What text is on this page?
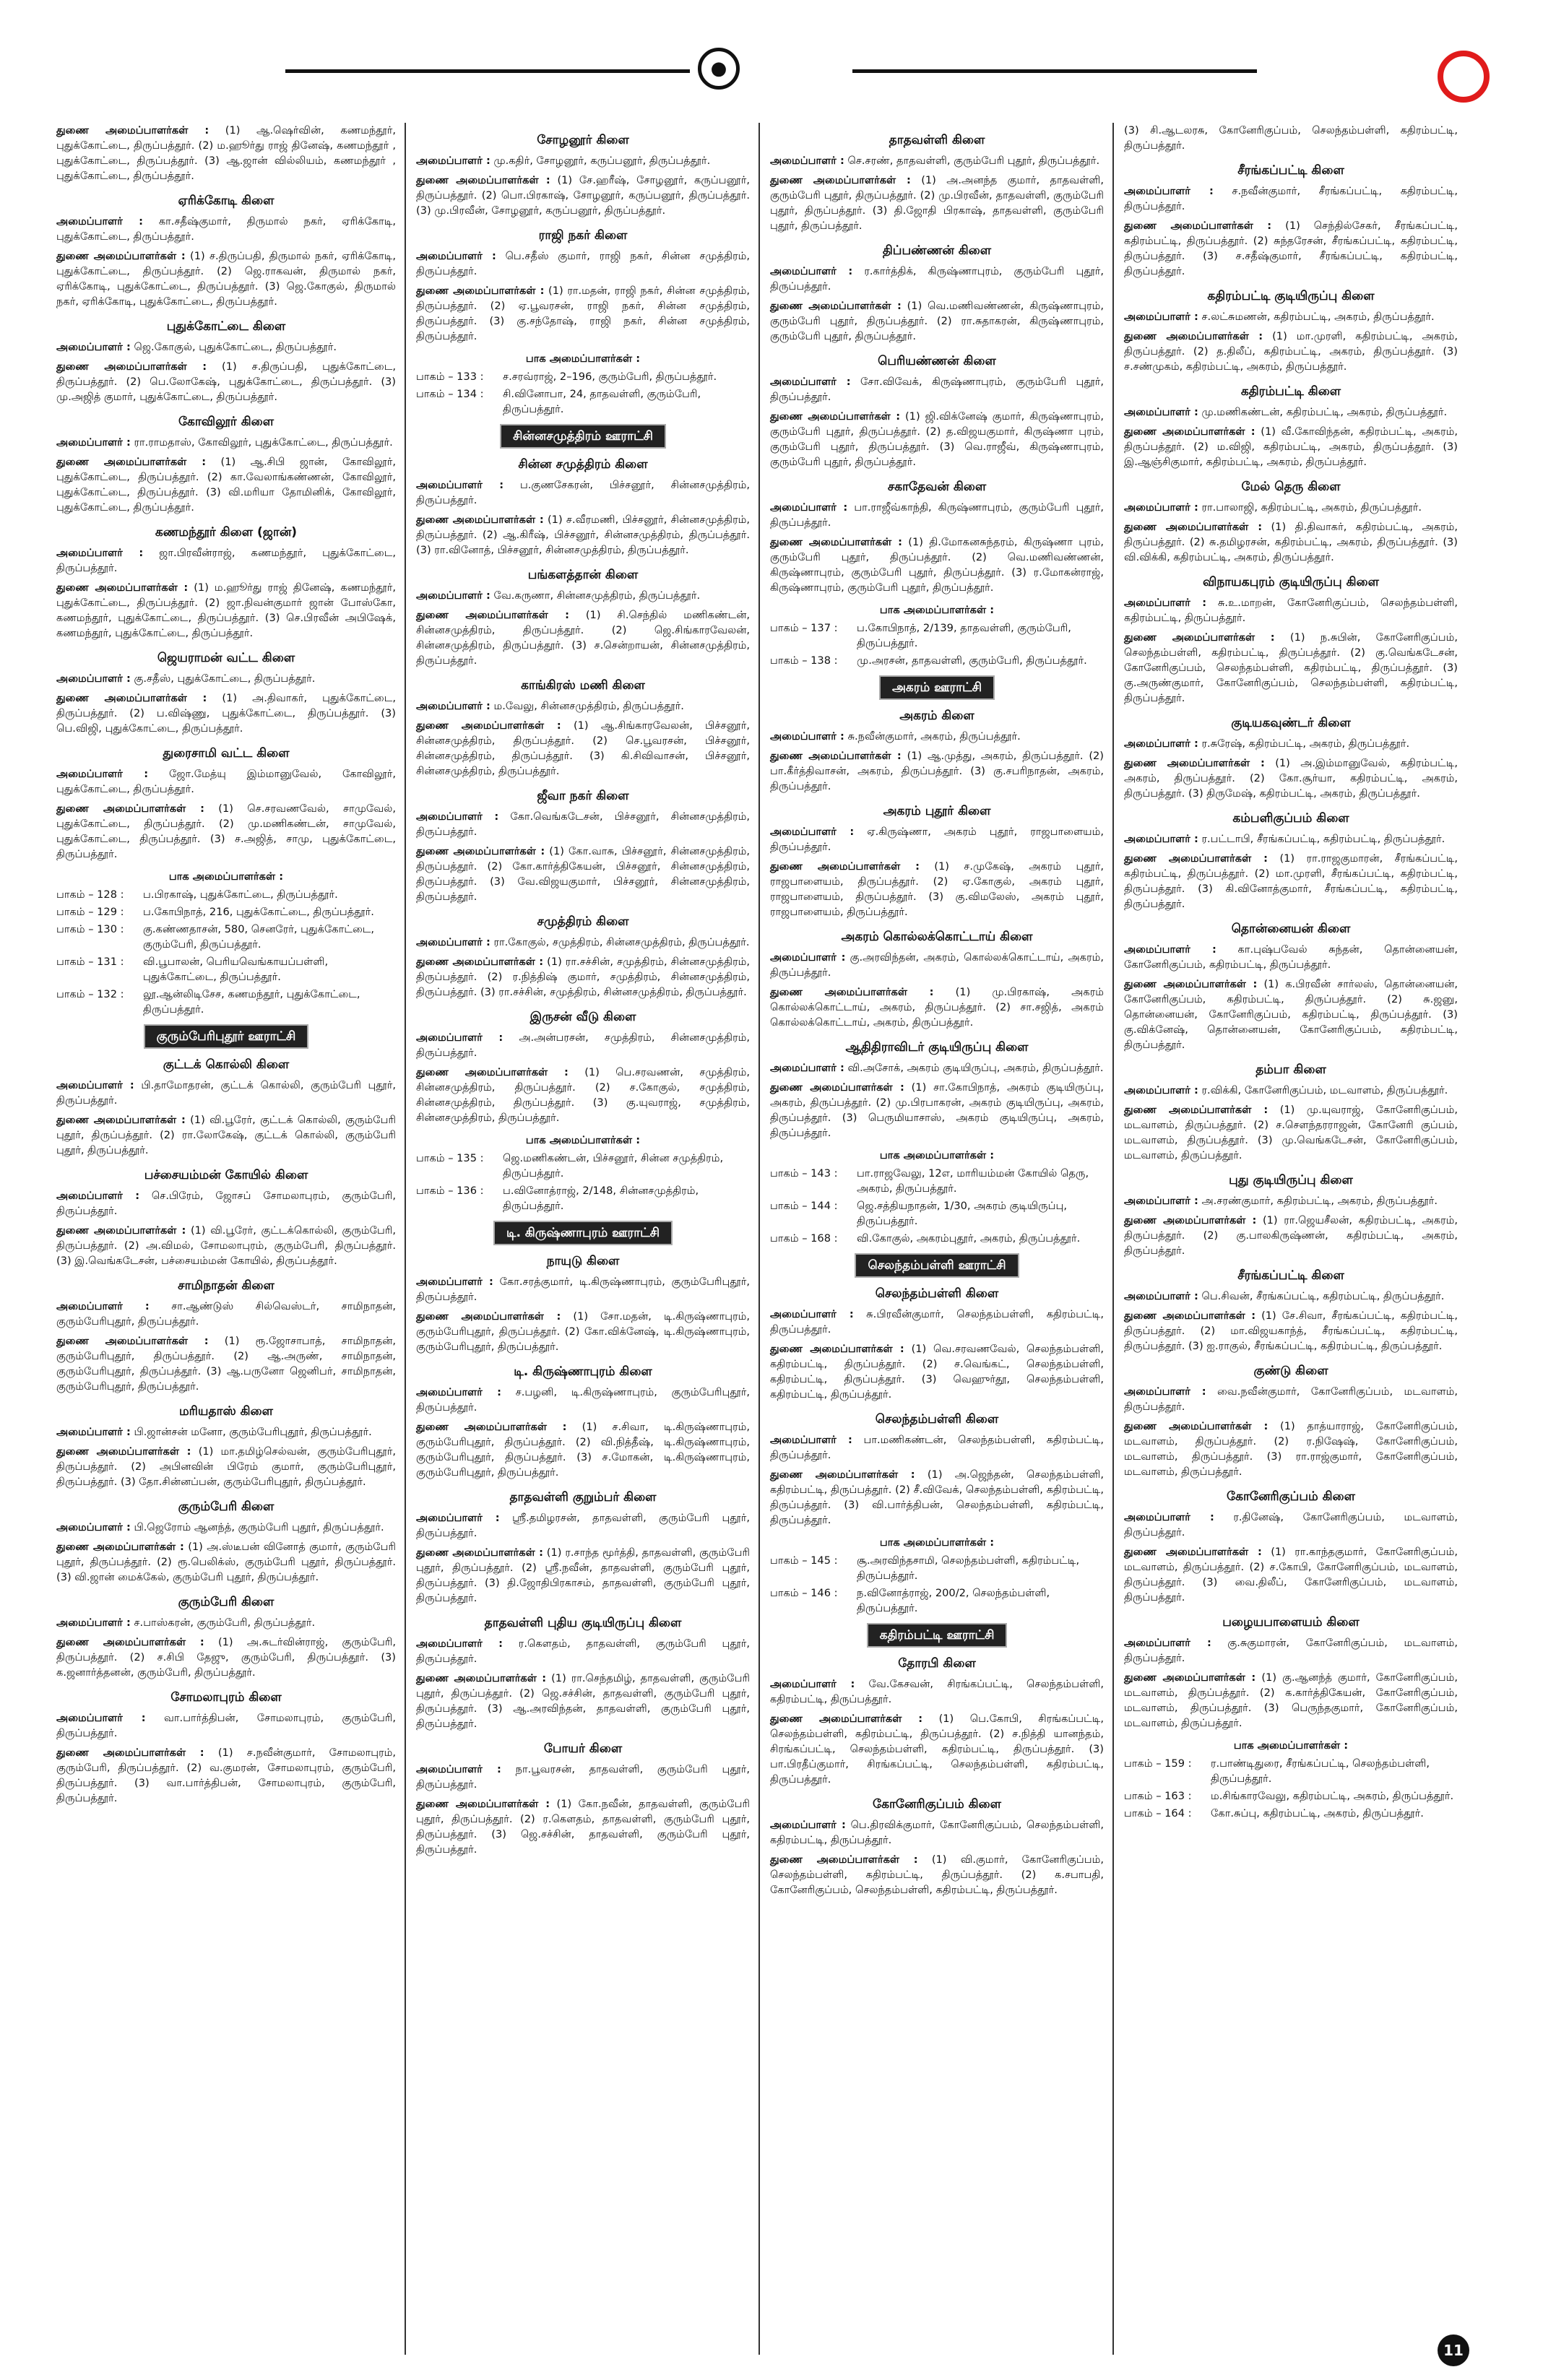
●

துணை அமைப்பாளர்கள் : (1) ஆ.ஷெர்வின், கணமந்தூர், புதுக்கோட்டை, திருப்பத்தூர். (2) ம.ஹூர்து ராஜ் தினேஷ், கணமந்தூர் , புதுக்கோட்டை, திருப்பத்தூர். (3) ஆ.ஜான் வில்லியம், கணமந்தூர் , புதுக்கோட்டை, திருப்பத்தூர்.

ஏரிக்கோடி கிளை

அமைப்பாளர் : கா.சதீஷ்குமார், திருமால் நகர், ஏரிக்கோடி, புதுக்கோட்டை, திருப்பத்தூர்.

துணை அமைப்பாளர்கள் : (1) ச.திருப்பதி, திருமால் நகர், ஏரிக்கோடி, புதுக்கோட்டை, திருப்பத்தூர். (2) ஜெ.ராகவன், திருமால் நகர், ஏரிக்கோடி, புதுக்கோட்டை, திருப்பத்தூர். (3) ஜெ.கோகுல், திருமால் நகர், ஏரிக்கோடி, புதுக்கோட்டை, திருப்பத்தூர்.

புதுக்கோட்டை கிளை

அமைப்பாளர் : ஜெ.கோகுல், புதுக்கோட்டை, திருப்பத்தூர்.

துணை அமைப்பாளர்கள் : (1) ச.திருப்பதி, புதுக்கோட்டை, திருப்பத்தூர். (2) பெ.லோகேஷ், புதுக்கோட்டை, திருப்பத்தூர். (3) மு.அஜித் குமார், புதுக்கோட்டை, திருப்பத்தூர்.

கோவிலூர் கிளை

அமைப்பாளர் : ரா.ராமதாஸ், கோவிலூர், புதுக்கோட்டை, திருப்பத்தூர்.

துணை அமைப்பாளர்கள் : (1) ஆ.சிபி ஜான், கோவிலூர், புதுக்கோட்டை, திருப்பத்தூர். (2) கா.வேலாங்கண்ணன், கோவிலூர், புதுக்கோட்டை, திருப்பத்தூர். (3) வி.மரியா தோமினிக், கோவிலூர், புதுக்கோட்டை, திருப்பத்தூர்.

கணமந்தூர் கிளை (ஜான்)

அமைப்பாளர் : ஜா.பிரவீன்ராஜ், கணமந்தூர், புதுக்கோட்டை, திருப்பத்தூர்.

துணை அமைப்பாளர்கள் : (1) ம.ஹூர்து ராஜ் தினேஷ், கணமந்தூர், புதுக்கோட்டை, திருப்பத்தூர். (2) ஜா.நிவன்குமார் ஜான் போஸ்கோ, கணமந்தூர், புதுக்கோட்டை, திருப்பத்தூர். (3) செ.பிரவீன் அபிஷேக், கணமந்தூர், புதுக்கோட்டை, திருப்பத்தூர்.

ஜெயராமன் வட்ட கிளை

அமைப்பாளர் : கு.சதீஸ், புதுக்கோட்டை, திருப்பத்தூர்.

துணை அமைப்பாளர்கள் : (1) அ.திவாகர், புதுக்கோட்டை, திருப்பத்தூர். (2) ப.விஷ்ணு, புதுக்கோட்டை, திருப்பத்தூர். (3) பெ.விஜி, புதுக்கோட்டை, திருப்பத்தூர்.

துரைசாமி வட்ட கிளை

அமைப்பாளர் : ஜோ.மேத்யு இம்மானுவேல், கோவிலூர், புதுக்கோட்டை, திருப்பத்தூர்.

துணை அமைப்பாளர்கள் : (1) செ.சரவணவேல், சாமுவேல், புதுக்கோட்டை, திருப்பத்தூர். (2) மு.மணிகண்டன், சாமுவேல், புதுக்கோட்டை, திருப்பத்தூர். (3) ச.அஜித், சாமு, புதுக்கோட்டை, திருப்பத்தூர்.

பாக அமைப்பாளர்கள் :
பாகம் – 128 :	ப.பிரகாஷ், புதுக்கோட்டை, திருப்பத்தூர்.
பாகம் – 129 :	ப.கோபிநாத், 216, புதுக்கோட்டை, திருப்பத்தூர்.
பாகம் – 130 :	கு.கண்ணதாசன், 580, செனரேர், புதுக்கோட்டை, குரும்பேரி, திருப்பத்தூர்.
பாகம் – 131 :	வி.பூபாலன், பெரியவெங்காயப்பள்ளி, புதுக்கோட்டை, திருப்பத்தூர்.
பாகம் – 132 :	லூ.ஆன்லிடிசேச, கணமந்தூர், புதுக்கோட்டை, திருப்பத்தூர்.
குரும்பேரிபுதூர் ஊராட்சி
குட்டக் கொல்லி கிளை

அமைப்பாளர் : பி.தாமோதரன், குட்டக் கொல்லி, குரும்பேரி புதூர், திருப்பத்தூர்.

துணை அமைப்பாளர்கள் : (1) வி.பூரேர், குட்டக் கொல்லி, குரும்பேரி புதூர், திருப்பத்தூர். (2) ரா.லோகேஷ், குட்டக் கொல்லி, குரும்பேரி புதூர், திருப்பத்தூர்.

பச்சையம்மன் கோயில் கிளை

அமைப்பாளர் : செ.பிரேம், ஜோசப் சோமலாபுரம், குரும்பேரி, திருப்பத்தூர்.

துணை அமைப்பாளர்கள் : (1) வி.பூரேர், குட்டக்கொல்லி, குரும்பேரி, திருப்பத்தூர். (2) அ.விமல், சோமலாபுரம், குரும்பேரி, திருப்பத்தூர். (3) இ.வெங்கடேசன், பச்சையம்மன் கோயில், திருப்பத்தூர்.

சாமிநாதன் கிளை

அமைப்பாளர் : சா.ஆண்டுஸ் சில்வெஸ்டர், சாமிநாதன், குரும்பேரிபுதூர், திருப்பத்தூர்.

துணை அமைப்பாளர்கள் : (1) ரூ.ஜோசாபாத், சாமிநாதன், குரும்பேரிபுதூர், திருப்பத்தூர். (2) ஆ.அருண், சாமிநாதன், குரும்பேரிபுதூர், திருப்பத்தூர். (3) ஆ.பருனோ ஜெனிபர், சாமிநாதன், குரும்பேரிபுதூர், திருப்பத்தூர்.

மரியதாஸ் கிளை

அமைப்பாளர் : பி.ஜான்சன் மனோ, குரும்பேரிபுதூர், திருப்பத்தூர்.

துணை அமைப்பாளர்கள் : (1) மா.தமிழ்செல்வன், குரும்பேரிபுதூர், திருப்பத்தூர். (2) அபினவின் பிரேம் குமார், குரும்பேரிபுதூர், திருப்பத்தூர். (3) தோ.சின்னப்பன், குரும்பேரிபுதூர், திருப்பத்தூர்.

குரும்பேரி கிளை

அமைப்பாளர் : பி.ஜெரோம் ஆனந்த், குரும்பேரி புதூர், திருப்பத்தூர்.

துணை அமைப்பாளர்கள் : (1) அ.ஸ்டீபன் வினோத் குமார், குரும்பேரி புதூர், திருப்பத்தூர். (2) ரூ.பெலிக்ஸ், குரும்பேரி புதூர், திருப்பத்தூர். (3) வி.ஜான் மைக்கேல், குரும்பேரி புதூர், திருப்பத்தூர்.

குரும்பேரி கிளை

அமைப்பாளர் : ச.பாஸ்கரன், குரும்பேரி, திருப்பத்தூர்.

துணை அமைப்பாளர்கள் : (1) அ.சுடர்வின்ராஜ், குரும்பேரி, திருப்பத்தூர். (2) ச.சிபி தேஜு, குரும்பேரி, திருப்பத்தூர். (3) க.ஜனார்த்தனன், குரும்பேரி, திருப்பத்தூர்.

சோமலாபுரம் கிளை

அமைப்பாளர் : வா.பார்த்திபன், சோமலாபுரம், குரும்பேரி, திருப்பத்தூர்.

துணை அமைப்பாளர்கள் : (1) ச.நவீன்குமார், சோமலாபுரம், குரும்பேரி, திருப்பத்தூர். (2) வ.குமரன், சோமலாபுரம், குரும்பேரி, திருப்பத்தூர். (3) வா.பார்த்திபன், சோமலாபுரம், குரும்பேரி, திருப்பத்தூர்.

சோழனூர் கிளை

அமைப்பாளர் : மு.கதிர், சோழனூர், கருப்பனூர், திருப்பத்தூர்.

துணை அமைப்பாளர்கள் : (1) சே.ஹரீஷ், சோழனூர், கருப்பனூர், திருப்பத்தூர். (2) பொ.பிரகாஷ், சோழனூர், கருப்பனூர், திருப்பத்தூர். (3) மு.பிரவீன், சோழனூர், கருப்பனூர், திருப்பத்தூர்.

ராஜி நகர் கிளை

அமைப்பாளர் : பெ.சதீஸ் குமார், ராஜி நகர், சின்ன சமுத்திரம், திருப்பத்தூர்.

துணை அமைப்பாளர்கள் : (1) ரா.மதன், ராஜி நகர், சின்ன சமுத்திரம், திருப்பத்தூர். (2) ஏ.பூவரசன், ராஜி நகர், சின்ன சமுத்திரம், திருப்பத்தூர். (3) கு.சந்தோஷ், ராஜி நகர், சின்ன சமுத்திரம், திருப்பத்தூர்.

பாக அமைப்பாளர்கள் :
பாகம் – 133 :	ச.சரவ்ராஜ், 2–196, குரும்பேரி, திருப்பத்தூர்.
பாகம் – 134 :	சி.வினோபா, 24, தாதவள்ளி, குரும்பேரி, திருப்பத்தூர்.
சின்னசமுத்திரம் ஊராட்சி
சின்ன சமுத்திரம் கிளை

அமைப்பாளர் : ப.குணசேகரன், பிச்சனூர், சின்னசமுத்திரம், திருப்பத்தூர்.

துணை அமைப்பாளர்கள் : (1) ச.வீரமணி, பிச்சனூர், சின்னசமுத்திரம், திருப்பத்தூர். (2) ஆ.கிரீஷ், பிச்சனூர், சின்னசமுத்திரம், திருப்பத்தூர். (3) ரா.வினோத், பிச்சனூர், சின்னசமுத்திரம், திருப்பத்தூர்.

பங்களத்தான் கிளை

அமைப்பாளர் : வே.கருணா, சின்னசமுத்திரம், திருப்பத்தூர்.

துணை அமைப்பாளர்கள் : (1) சி.செந்தில் மணிகண்டன், சின்னசமுத்திரம், திருப்பத்தூர். (2) ஜெ.சிங்காரவேலன், சின்னசமுத்திரம், திருப்பத்தூர். (3) ச.சென்றாயன், சின்னசமுத்திரம், திருப்பத்தூர்.

காங்கிரஸ் மணி கிளை

அமைப்பாளர் : ம.வேலு, சின்னசமுத்திரம், திருப்பத்தூர்.

துணை அமைப்பாளர்கள் : (1) ஆ.சிங்காரவேலன், பிச்சனூர், சின்னசமுத்திரம், திருப்பத்தூர். (2) செ.பூவரசன், பிச்சனூர், சின்னசமுத்திரம், திருப்பத்தூர். (3) கி.சிவிவாசன், பிச்சனூர், சின்னசமுத்திரம், திருப்பத்தூர்.

ஜீவா நகர் கிளை

அமைப்பாளர் : கோ.வெங்கடேசன், பிச்சனூர், சின்னசமுத்திரம், திருப்பத்தூர்.

துணை அமைப்பாளர்கள் : (1) கோ.வாசு, பிச்சனூர், சின்னசமுத்திரம், திருப்பத்தூர். (2) கோ.கார்த்திகேயன், பிச்சனூர், சின்னசமுத்திரம், திருப்பத்தூர். (3) வே.விஜயகுமார், பிச்சனூர், சின்னசமுத்திரம், திருப்பத்தூர்.

சமுத்திரம் கிளை

அமைப்பாளர் : ரா.கோகுல், சமுத்திரம், சின்னசமுத்திரம், திருப்பத்தூர்.

துணை அமைப்பாளர்கள் : (1) ரா.சச்சின், சமுத்திரம், சின்னசமுத்திரம், திருப்பத்தூர். (2) ர.நித்திஷ் குமார், சமுத்திரம், சின்னசமுத்திரம், திருப்பத்தூர். (3) ரா.சச்சின், சமுத்திரம், சின்னசமுத்திரம், திருப்பத்தூர்.

இருசன் வீடு கிளை

அமைப்பாளர் : அ.அன்பரசன், சமுத்திரம், சின்னசமுத்திரம், திருப்பத்தூர்.

துணை அமைப்பாளர்கள் : (1) பெ.சரவணன், சமுத்திரம், சின்னசமுத்திரம், திருப்பத்தூர். (2) ச.கோகுல், சமுத்திரம், சின்னசமுத்திரம், திருப்பத்தூர். (3) கு.யுவராஜ், சமுத்திரம், சின்னசமுத்திரம், திருப்பத்தூர்.

பாக அமைப்பாளர்கள் :
பாகம் – 135 :	ஜெ.மணிகண்டன், பிச்சனூர், சின்ன சமுத்திரம், திருப்பத்தூர்.
பாகம் – 136 :	ப.வினோத்ராஜ், 2/148, சின்னசமுத்திரம், திருப்பத்தூர்.
டி. கிருஷ்ணாபுரம் ஊராட்சி
நாயுடு கிளை

அமைப்பாளர் : கோ.சரத்குமார், டி.கிருஷ்ணாபுரம், குரும்பேரிபுதூர், திருப்பத்தூர்.

துணை அமைப்பாளர்கள் : (1) சோ.மதன், டி.கிருஷ்ணாபுரம், குரும்பேரிபுதூர், திருப்பத்தூர். (2) கோ.விக்னேஷ், டி.கிருஷ்ணாபுரம், குரும்பேரிபுதூர், திருப்பத்தூர்.

டி. கிருஷ்ணாபுரம் கிளை

அமைப்பாளர் : ச.பழனி, டி.கிருஷ்ணாபுரம், குரும்பேரிபுதூர், திருப்பத்தூர்.

துணை அமைப்பாளர்கள் : (1) ச.சிவா, டி.கிருஷ்ணாபுரம், குரும்பேரிபுதூர், திருப்பத்தூர். (2) வி.நித்தீஷ், டி.கிருஷ்ணாபுரம், குரும்பேரிபுதூர், திருப்பத்தூர். (3) ச.மோகன், டி.கிருஷ்ணாபுரம், குரும்பேரிபுதூர், திருப்பத்தூர்.

தாதவள்ளி குறும்பர் கிளை

அமைப்பாளர் : ஸ்ரீ.தமிழரசன், தாதவள்ளி, குரும்பேரி புதூர், திருப்பத்தூர்.

துணை அமைப்பாளர்கள் : (1) ர.சாந்த மூர்த்தி, தாதவள்ளி, குரும்பேரி புதூர், திருப்பத்தூர். (2) ஸ்ரீ.நவீன், தாதவள்ளி, குரும்பேரி புதூர், திருப்பத்தூர். (3) தி.ஜோதிபிரகாசம், தாதவள்ளி, குரும்பேரி புதூர், திருப்பத்தூர்.

தாதவள்ளி புதிய குடியிருப்பு கிளை

அமைப்பாளர் : ர.கௌதம், தாதவள்ளி, குரும்பேரி புதூர், திருப்பத்தூர்.

துணை அமைப்பாளர்கள் : (1) ரா.செந்தமிழ், தாதவள்ளி, குரும்பேரி புதூர், திருப்பத்தூர். (2) ஜெ.சச்சின், தாதவள்ளி, குரும்பேரி புதூர், திருப்பத்தூர். (3) ஆ.அரவிந்தன், தாதவள்ளி, குரும்பேரி புதூர், திருப்பத்தூர்.

போயர் கிளை

அமைப்பாளர் : நா.பூவரசன், தாதவள்ளி, குரும்பேரி புதூர், திருப்பத்தூர்.

துணை அமைப்பாளர்கள் : (1) கோ.நவீன், தாதவள்ளி, குரும்பேரி புதூர், திருப்பத்தூர். (2) ர.கௌதம், தாதவள்ளி, குரும்பேரி புதூர், திருப்பத்தூர். (3) ஜெ.சச்சின், தாதவள்ளி, குரும்பேரி புதூர், திருப்பத்தூர்.

தாதவள்ளி கிளை

அமைப்பாளர் : செ.சரண், தாதவள்ளி, குரும்பேரி புதூர், திருப்பத்தூர்.

துணை அமைப்பாளர்கள் : (1) அ.அனந்த குமார், தாதவள்ளி, குரும்பேரி புதூர், திருப்பத்தூர். (2) மு.பிரவீன், தாதவள்ளி, குரும்பேரி புதூர், திருப்பத்தூர். (3) தி.ஜோதி பிரகாஷ், தாதவள்ளி, குரும்பேரி புதூர், திருப்பத்தூர்.

திப்பண்ணன் கிளை

அமைப்பாளர் : ர.கார்த்திக், கிருஷ்ணாபுரம், குரும்பேரி புதூர், திருப்பத்தூர்.

துணை அமைப்பாளர்கள் : (1) வெ.மணிவண்ணன், கிருஷ்ணாபுரம், குரும்பேரி புதூர், திருப்பத்தூர். (2) ரா.சுதாகரன், கிருஷ்ணாபுரம், குரும்பேரி புதூர், திருப்பத்தூர்.

பெரியண்ணன் கிளை

அமைப்பாளர் : சோ.விவேக், கிருஷ்ணாபுரம், குரும்பேரி புதூர், திருப்பத்தூர்.

துணை அமைப்பாளர்கள் : (1) ஜி.விக்னேஷ் குமார், கிருஷ்ணாபுரம், குரும்பேரி புதூர், திருப்பத்தூர். (2) த.விஜயகுமார், கிருஷ்ணா புரம், குரும்பேரி புதூர், திருப்பத்தூர். (3) வெ.ராஜீவ், கிருஷ்ணாபுரம், குரும்பேரி புதூர், திருப்பத்தூர்.

சகாதேவன் கிளை

அமைப்பாளர் : பா.ராஜீவ்காந்தி, கிருஷ்ணாபுரம், குரும்பேரி புதூர், திருப்பத்தூர்.

துணை அமைப்பாளர்கள் : (1) தி.மோகனசுந்தரம், கிருஷ்ணா புரம், குரும்பேரி புதூர், திருப்பத்தூர். (2) வெ.மணிவண்ணன், கிருஷ்ணாபுரம், குரும்பேரி புதூர், திருப்பத்தூர். (3) ர.மோகன்ராஜ், கிருஷ்ணாபுரம், குரும்பேரி புதூர், திருப்பத்தூர்.

பாக அமைப்பாளர்கள் :
பாகம் – 137 :	ப.கோபிநாத், 2/139, தாதவள்ளி, குரும்பேரி, திருப்பத்தூர்.
பாகம் – 138 :	மு.அரசன், தாதவள்ளி, குரும்பேரி, திருப்பத்தூர்.
அகரம் ஊராட்சி
அகரம் கிளை

அமைப்பாளர் : சு.நவீன்குமார், அகரம், திருப்பத்தூர்.

துணை அமைப்பாளர்கள் : (1) ஆ.முத்து, அகரம், திருப்பத்தூர். (2) பா.கீர்த்திவாசன், அகரம், திருப்பத்தூர். (3) கு.சபரிநாதன், அகரம், திருப்பத்தூர்.

அகரம் புதூர் கிளை

அமைப்பாளர் : ஏ.கிருஷ்ணா, அகரம் புதூர், ராஜபாளையம், திருப்பத்தூர்.

துணை அமைப்பாளர்கள் : (1) ச.முகேஷ், அகரம் புதூர், ராஜபாளையம், திருப்பத்தூர். (2) ஏ.கோகுல், அகரம் புதூர், ராஜபாளையம், திருப்பத்தூர். (3) கு.விமலேஸ், அகரம் புதூர், ராஜபாளையம், திருப்பத்தூர்.

அகரம் கொல்லக்கொட்டாய் கிளை

அமைப்பாளர் : கு.அரவிந்தன், அகரம், கொல்லக்கொட்டாய், அகரம், திருப்பத்தூர்.

துணை அமைப்பாளர்கள் : (1) மு.பிரகாஷ், அகரம் கொல்லக்கொட்டாய், அகரம், திருப்பத்தூர். (2) சா.சஜித், அகரம் கொல்லக்கொட்டாய், அகரம், திருப்பத்தூர்.

ஆதிதிராவிடர் குடியிருப்பு கிளை

அமைப்பாளர் : வி.அசோக், அகரம் குடியிருப்பு, அகரம், திருப்பத்தூர்.

துணை அமைப்பாளர்கள் : (1) சா.கோபிநாத், அகரம் குடியிருப்பு, அகரம், திருப்பத்தூர். (2) மு.பிரபாகரன், அகரம் குடியிருப்பு, அகரம், திருப்பத்தூர். (3) பெருமியாசாஸ், அகரம் குடியிருப்பு, அகரம், திருப்பத்தூர்.

பாக அமைப்பாளர்கள் :
பாகம் – 143 :	பா.ராஜவேலு, 12எ, மாரியம்மன் கோயில் தெரு, அகரம், திருப்பத்தூர்.
பாகம் – 144 :	ஜெ.சத்தியநாதன், 1/30, அகரம் குடியிருப்பு, திருப்பத்தூர்.
பாகம் – 168 :	வி.கோகுல், அகரம்புதூர், அகரம், திருப்பத்தூர்.
செலந்தம்பள்ளி ஊராட்சி
செலந்தம்பள்ளி கிளை

அமைப்பாளர் : சு.பிரவீன்குமார், செலந்தம்பள்ளி, கதிரம்பட்டி, திருப்பத்தூர்.

துணை அமைப்பாளர்கள் : (1) வெ.சரவணவேல், செலந்தம்பள்ளி, கதிரம்பட்டி, திருப்பத்தூர். (2) ச.வெங்கட், செலந்தம்பள்ளி, கதிரம்பட்டி, திருப்பத்தூர். (3) வெஹுர்தூ, செலந்தம்பள்ளி, கதிரம்பட்டி, திருப்பத்தூர்.

செலந்தம்பள்ளி கிளை

அமைப்பாளர் : பா.மணிகண்டன், செலந்தம்பள்ளி, கதிரம்பட்டி, திருப்பத்தூர்.

துணை அமைப்பாளர்கள் : (1) அ.ஜெந்தன், செலந்தம்பள்ளி, கதிரம்பட்டி, திருப்பத்தூர். (2) சீ.விவேக், செலந்தம்பள்ளி, கதிரம்பட்டி, திருப்பத்தூர். (3) வி.பார்த்திபன், செலந்தம்பள்ளி, கதிரம்பட்டி, திருப்பத்தூர்.

பாக அமைப்பாளர்கள் :
பாகம் – 145 :	சூ.அரவிந்தசாமி, செலந்தம்பள்ளி, கதிரம்பட்டி, திருப்பத்தூர்.
பாகம் – 146 :	ந.வினோத்ராஜ், 200/2, செலந்தம்பள்ளி, திருப்பத்தூர்.
கதிரம்பட்டி ஊராட்சி
தோரபி கிளை

அமைப்பாளர் : வே.கேசவன், சிரங்கப்பட்டி, செலந்தம்பள்ளி, கதிரம்பட்டி, திருப்பத்தூர்.

துணை அமைப்பாளர்கள் : (1) பெ.கோபி, சிரங்கப்பட்டி, செலந்தம்பள்ளி, கதிரம்பட்டி, திருப்பத்தூர். (2) ச.நித்தி யானந்தம், சிரங்கப்பட்டி, செலந்தம்பள்ளி, கதிரம்பட்டி, திருப்பத்தூர். (3) பா.பிரதீப்குமார், சிரங்கப்பட்டி, செலந்தம்பள்ளி, கதிரம்பட்டி, திருப்பத்தூர்.

கோனேரிகுப்பம் கிளை

அமைப்பாளர் : பெ.திரவிக்குமார், கோனேரிகுப்பம், செலந்தம்பள்ளி, கதிரம்பட்டி, திருப்பத்தூர்.

துணை அமைப்பாளர்கள் : (1) வி.குமார், கோனேரிகுப்பம், செலந்தம்பள்ளி, கதிரம்பட்டி, திருப்பத்தூர். (2) க.சபாபதி, கோனேரிகுப்பம், செலந்தம்பள்ளி, கதிரம்பட்டி, திருப்பத்தூர்.

(3) சி.ஆடலரசு, கோனேரிகுப்பம், செலந்தம்பள்ளி, கதிரம்பட்டி, திருப்பத்தூர்.

சீரங்கப்பட்டி கிளை

அமைப்பாளர் : ச.நவீன்குமார், சீரங்கப்பட்டி, கதிரம்பட்டி, திருப்பத்தூர்.

துணை அமைப்பாளர்கள் : (1) செந்தில்சேகர், சீரங்கப்பட்டி, கதிரம்பட்டி, திருப்பத்தூர். (2) சுந்தரேசன், சீரங்கப்பட்டி, கதிரம்பட்டி, திருப்பத்தூர். (3) ச.சதீஷ்குமார், சீரங்கப்பட்டி, கதிரம்பட்டி, திருப்பத்தூர்.

கதிரம்பட்டி குடியிருப்பு கிளை

அமைப்பாளர் : ச.லட்சுமணன், கதிரம்பட்டி, அகரம், திருப்பத்தூர்.

துணை அமைப்பாளர்கள் : (1) மா.முரளி, கதிரம்பட்டி, அகரம், திருப்பத்தூர். (2) த.திலீப், கதிரம்பட்டி, அகரம், திருப்பத்தூர். (3) ச.சண்முகம், கதிரம்பட்டி, அகரம், திருப்பத்தூர்.

கதிரம்பட்டி கிளை

அமைப்பாளர் : மு.மணிகண்டன், கதிரம்பட்டி, அகரம், திருப்பத்தூர்.

துணை அமைப்பாளர்கள் : (1) வீ.கோவிந்தன், கதிரம்பட்டி, அகரம், திருப்பத்தூர். (2) ம.விஜி, கதிரம்பட்டி, அகரம், திருப்பத்தூர். (3) இ.ஆஞ்சிகுமார், கதிரம்பட்டி, அகரம், திருப்பத்தூர்.

மேல் தெரு கிளை

அமைப்பாளர் : ரா.பாலாஜி, கதிரம்பட்டி, அகரம், திருப்பத்தூர்.

துணை அமைப்பாளர்கள் : (1) தி.திவாகர், கதிரம்பட்டி, அகரம், திருப்பத்தூர். (2) சு.தமிழரசன், கதிரம்பட்டி, அகரம், திருப்பத்தூர். (3) வி.விக்கி, கதிரம்பட்டி, அகரம், திருப்பத்தூர்.

விநாயகபுரம் குடியிருப்பு கிளை

அமைப்பாளர் : சு.உ.மாறன், கோனேரிகுப்பம், செலந்தம்பள்ளி, கதிரம்பட்டி, திருப்பத்தூர்.

துணை அமைப்பாளர்கள் : (1) ந.சுபின், கோனேரிகுப்பம், செலந்தம்பள்ளி, கதிரம்பட்டி, திருப்பத்தூர். (2) கு.வெங்கடேசன், கோனேரிகுப்பம், செலந்தம்பள்ளி, கதிரம்பட்டி, திருப்பத்தூர். (3) கு.அருண்குமார், கோனேரிகுப்பம், செலந்தம்பள்ளி, கதிரம்பட்டி, திருப்பத்தூர்.

குடியகவுண்டர் கிளை

அமைப்பாளர் : ர.சுரேஷ், கதிரம்பட்டி, அகரம், திருப்பத்தூர்.

துணை அமைப்பாளர்கள் : (1) அ.இம்மானுவேல், கதிரம்பட்டி, அகரம், திருப்பத்தூர். (2) கோ.சூர்யா, கதிரம்பட்டி, அகரம், திருப்பத்தூர். (3) திருமேஷ், கதிரம்பட்டி, அகரம், திருப்பத்தூர்.

கம்பளிகுப்பம் கிளை

அமைப்பாளர் : ர.பட்டாபி, சீரங்கப்பட்டி, கதிரம்பட்டி, திருப்பத்தூர்.

துணை அமைப்பாளர்கள் : (1) ரா.ராஜகுமாரன், சீரங்கப்பட்டி, கதிரம்பட்டி, திருப்பத்தூர். (2) மா.முரளி, சீரங்கப்பட்டி, கதிரம்பட்டி, திருப்பத்தூர். (3) கி.வினோத்குமார், சீரங்கப்பட்டி, கதிரம்பட்டி, திருப்பத்தூர்.

தொன்னையன் கிளை

அமைப்பாளர் : கா.புஷ்பவேல் சுந்தன், தொன்னையன், கோனேரிகுப்பம், கதிரம்பட்டி, திருப்பத்தூர்.

துணை அமைப்பாளர்கள் : (1) க.பிரவீன் சார்லஸ், தொன்னையன், கோனேரிகுப்பம், கதிரம்பட்டி, திருப்பத்தூர். (2) சு.ஜனு, தொன்னையன், கோனேரிகுப்பம், கதிரம்பட்டி, திருப்பத்தூர். (3) கு.விக்னேஷ், தொன்னையன், கோனேரிகுப்பம், கதிரம்பட்டி, திருப்பத்தூர்.

தம்பா கிளை

அமைப்பாளர் : ர.விக்கி, கோனேரிகுப்பம், மடவாளம், திருப்பத்தூர்.

துணை அமைப்பாளர்கள் : (1) மு.யுவராஜ், கோனேரிகுப்பம், மடவாளம், திருப்பத்தூர். (2) ச.சௌந்தரராஜன், கோனேரி குப்பம், மடவாளம், திருப்பத்தூர். (3) மு.வெங்கடேசன், கோனேரிகுப்பம், மடவாளம், திருப்பத்தூர்.

புது குடியிருப்பு கிளை

அமைப்பாளர் : அ.சரண்குமார், கதிரம்பட்டி, அகரம், திருப்பத்தூர்.

துணை அமைப்பாளர்கள் : (1) ரா.ஜெயசீலன், கதிரம்பட்டி, அகரம், திருப்பத்தூர். (2) கு.பாலகிருஷ்ணன், கதிரம்பட்டி, அகரம், திருப்பத்தூர்.

சீரங்கப்பட்டி கிளை

அமைப்பாளர் : பெ.சிவன், சீரங்கப்பட்டி, கதிரம்பட்டி, திருப்பத்தூர்.

துணை அமைப்பாளர்கள் : (1) சே.சிவா, சீரங்கப்பட்டி, கதிரம்பட்டி, திருப்பத்தூர். (2) மா.விஜயகாந்த், சீரங்கப்பட்டி, கதிரம்பட்டி, திருப்பத்தூர். (3) ஐ.ராகுல், சீரங்கப்பட்டி, கதிரம்பட்டி, திருப்பத்தூர்.

குண்டு கிளை

அமைப்பாளர் : வை.நவீன்குமார், கோனேரிகுப்பம், மடவாளம், திருப்பத்தூர்.

துணை அமைப்பாளர்கள் : (1) தாத்யாராஜ், கோனேரிகுப்பம், மடவாளம், திருப்பத்தூர். (2) ர.நிஷேஷ், கோனேரிகுப்பம், மடவாளம், திருப்பத்தூர். (3) ரா.ராஜ்குமார், கோனேரிகுப்பம், மடவாளம், திருப்பத்தூர்.

கோனேரிகுப்பம் கிளை

அமைப்பாளர் : ர.தினேஷ், கோனேரிகுப்பம், மடவாளம், திருப்பத்தூர்.

துணை அமைப்பாளர்கள் : (1) ரா.காந்தகுமார், கோனேரிகுப்பம், மடவாளம், திருப்பத்தூர். (2) ச.கோபி, கோனேரிகுப்பம், மடவாளம், திருப்பத்தூர். (3) வை.திலீப், கோனேரிகுப்பம், மடவாளம், திருப்பத்தூர்.

பழையபாளையம் கிளை

அமைப்பாளர் : கு.சுகுமாரன், கோனேரிகுப்பம், மடவாளம், திருப்பத்தூர்.

துணை அமைப்பாளர்கள் : (1) கு.ஆனந்த் குமார், கோனேரிகுப்பம், மடவாளம், திருப்பத்தூர். (2) க.கார்த்திகேயன், கோனேரிகுப்பம், மடவாளம், திருப்பத்தூர். (3) பெருந்தகுமார், கோனேரிகுப்பம், மடவாளம், திருப்பத்தூர்.

பாக அமைப்பாளர்கள் :
பாகம் – 159 :	ர.பாண்டிதுரை, சீரங்கப்பட்டி, செலந்தம்பள்ளி, திருப்பத்தூர்.
பாகம் – 163 :	ம.சிங்காரவேலு, கதிரம்பட்டி, அகரம், திருப்பத்தூர்.
பாகம் – 164 :	கோ.சுப்பு, கதிரம்பட்டி, அகரம், திருப்பத்தூர்.
11
